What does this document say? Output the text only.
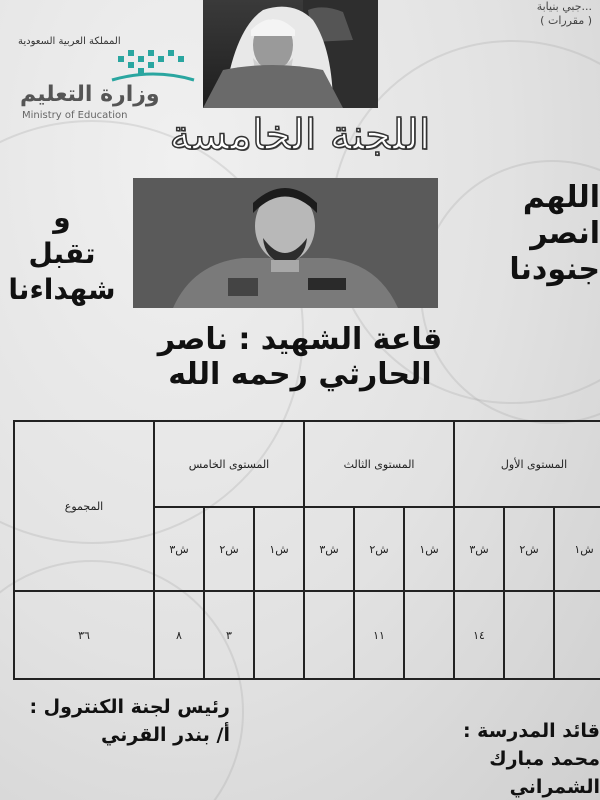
...جبي بنيابة
( مقررات )
المملكة العربية السعودية
وزارة التعليم
Ministry of Education	اللجنة الخامسة
اللهم
انصر
جنودنا
و
تقبل
شهداءنا
قاعة الشهيد : ناصر الحارثي رحمه الله
المجموع	المستوى الخامس			المستوى الثالث			المستوى الأول		
	ش٣	ش٢	ش١	ش٣	ش٢	ش١	ش٣	ش٢	ش١
٣٦	٨	٣			١١		١٤		
قائد المدرسة :
محمد مبارك الشمراني
رئيس لجنة الكنترول :
أ/ بندر القرني
